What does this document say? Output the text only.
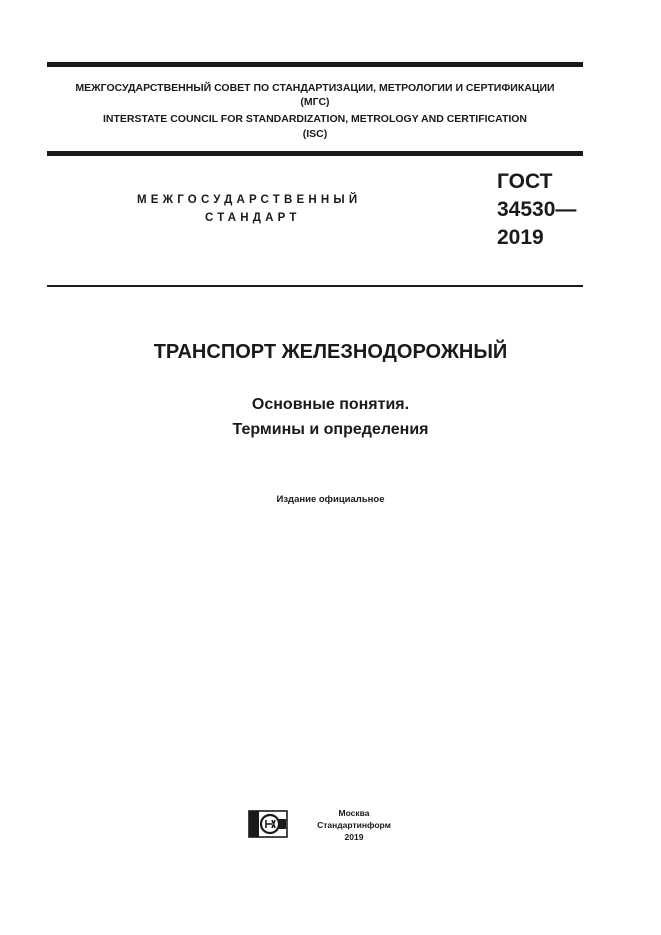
МЕЖГОСУДАРСТВЕННЫЙ СОВЕТ ПО СТАНДАРТИЗАЦИИ, МЕТРОЛОГИИ И СЕРТИФИКАЦИИ
(МГС)
INTERSTATE COUNCIL FOR STANDARDIZATION, METROLOGY AND CERTIFICATION
(ISC)
МЕЖГОСУДАРСТВЕННЫЙ
СТАНДАРТ
ГОСТ
34530—
2019
ТРАНСПОРТ ЖЕЛЕЗНОДОРОЖНЫЙ
Основные понятия.
Термины и определения
Издание официальное
Москва
Стандартинформ
2019
